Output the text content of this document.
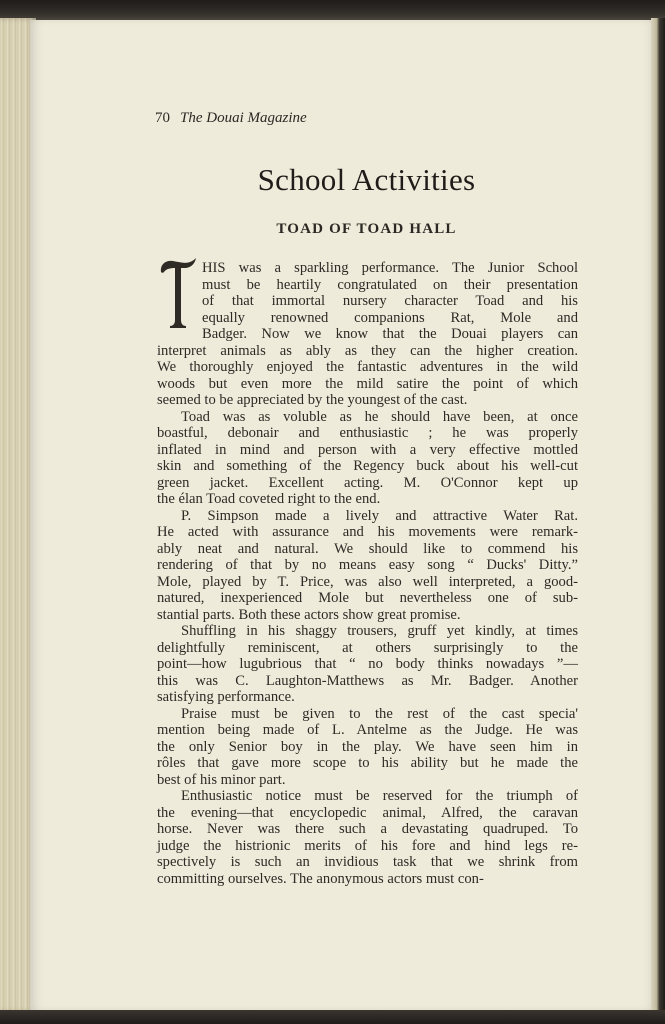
70 The Douai Magazine
School Activities
TOAD OF TOAD HALL
HIS was a sparkling performance. The Junior School
must be heartily congratulated on their presentation
of that immortal nursery character Toad and his
equally renowned companions Rat, Mole and
Badger. Now we know that the Douai players can
interpret animals as ably as they can the higher creation.
We thoroughly enjoyed the fantastic adventures in the wild
woods but even more the mild satire the point of which
seemed to be appreciated by the youngest of the cast.
Toad was as voluble as he should have been, at once
boastful, debonair and enthusiastic ; he was properly
inflated in mind and person with a very effective mottled
skin and something of the Regency buck about his well-cut
green jacket. Excellent acting. M. O'Connor kept up
the élan Toad coveted right to the end.
P. Simpson made a lively and attractive Water Rat.
He acted with assurance and his movements were remark-
ably neat and natural. We should like to commend his
rendering of that by no means easy song “ Ducks' Ditty.”
Mole, played by T. Price, was also well interpreted, a good-
natured, inexperienced Mole but nevertheless one of sub-
stantial parts. Both these actors show great promise.
Shuffling in his shaggy trousers, gruff yet kindly, at times
delightfully reminiscent, at others surprisingly to the
point—how lugubrious that “ no body thinks nowadays ”—
this was C. Laughton-Matthews as Mr. Badger. Another
satisfying performance.
Praise must be given to the rest of the cast specia'
mention being made of L. Antelme as the Judge. He was
the only Senior boy in the play. We have seen him in
rôles that gave more scope to his ability but he made the
best of his minor part.
Enthusiastic notice must be reserved for the triumph of
the evening—that encyclopedic animal, Alfred, the caravan
horse. Never was there such a devastating quadruped. To
judge the histrionic merits of his fore and hind legs re-
spectively is such an invidious task that we shrink from
committing ourselves. The anonymous actors must con-
